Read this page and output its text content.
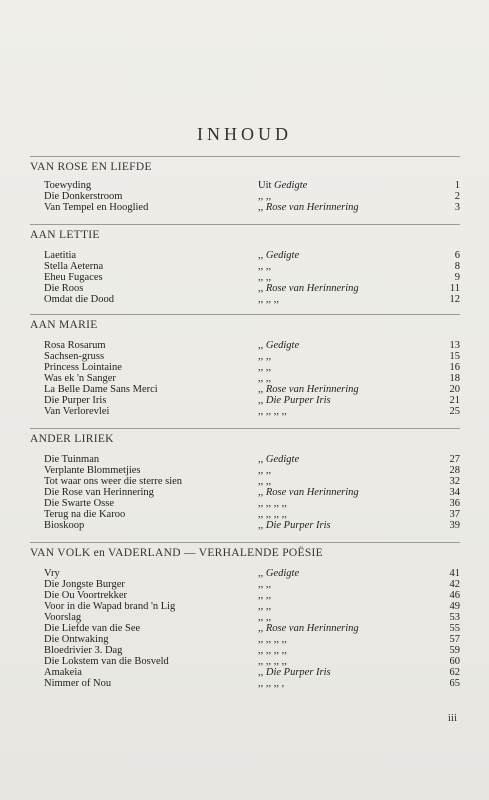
INHOUD
VAN ROSE EN LIEFDE
Toewyding	Uit Gedigte	1
Die Donkerstroom	,, ,,	2
Van Tempel en Hooglied	,, Rose van Herinnering	3
AAN LETTIE
Laetitia	,, Gedigte	6
Stella Aeterna	,, ,,	8
Eheu Fugaces	,, ,,	9
Die Roos	,, Rose van Herinnering	11
Omdat die Dood	,, ,, ,,	12
AAN MARIE
Rosa Rosarum	,, Gedigte	13
Sachsen-gruss	,, ,,	15
Princess Lointaine	,, ,,	16
Was ek 'n Sanger	,, ,,	18
La Belle Dame Sans Merci	,, Rose van Herinnering	20
Die Purper Iris	,, Die Purper Iris	21
Van Verlorevlei	,, ,, ,, ,,	25
ANDER LIRIEK
Die Tuinman	,, Gedigte	27
Verplante Blommetjies	,, ,,	28
Tot waar ons weer die sterre sien	,, ,,	32
Die Rose van Herinnering	,, Rose van Herinnering	34
Die Swarte Osse	,, ,, ,, ,,	36
Terug na die Karoo	,, ,, ,, ,,	37
Bioskoop	,, Die Purper Iris	39
VAN VOLK en VADERLAND — VERHALENDE POËSIE
Vry	,, Gedigte	41
Die Jongste Burger	,, ,,	42
Die Ou Voortrekker	,, ,,	46
Voor in die Wapad brand 'n Lig	,, ,,	49
Voorslag	,, ,,	53
Die Liefde van die See	,, Rose van Herinnering	55
Die Ontwaking	,, ,, ,, ,,	57
Bloedrivier 3. Dag	,, ,, ,, ,,	59
Die Lokstem van die Bosveld	,, ,, ,, ,,	60
Amakeia	,, Die Purper Iris	62
Nimmer of Nou	,, ,, ,, ,	65
iii
